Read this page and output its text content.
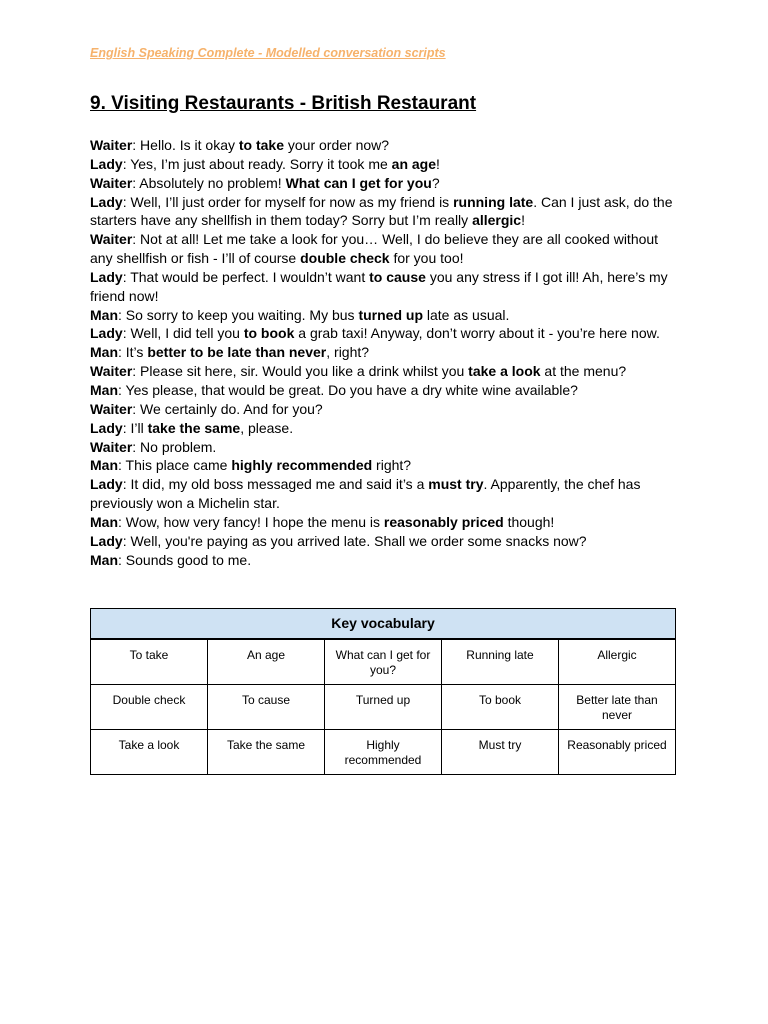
English Speaking Complete - Modelled conversation scripts

9. Visiting Restaurants - British Restaurant

Waiter: Hello. Is it okay to take your order now?

Lady: Yes, I’m just about ready. Sorry it took me an age!

Waiter: Absolutely no problem! What can I get for you?

Lady: Well, I’ll just order for myself for now as my friend is running late. Can I just ask, do the starters have any shellfish in them today? Sorry but I’m really allergic!

Waiter: Not at all! Let me take a look for you… Well, I do believe they are all cooked without any shellfish or fish - I’ll of course double check for you too!

Lady: That would be perfect. I wouldn’t want to cause you any stress if I got ill! Ah, here’s my friend now!

Man: So sorry to keep you waiting. My bus turned up late as usual.

Lady: Well, I did tell you to book a grab taxi! Anyway, don’t worry about it - you’re here now.

Man: It’s better to be late than never, right?

Waiter: Please sit here, sir. Would you like a drink whilst you take a look at the menu?

Man: Yes please, that would be great. Do you have a dry white wine available?

Waiter: We certainly do. And for you?

Lady: I’ll take the same, please.

Waiter: No problem.

Man: This place came highly recommended right?

Lady: It did, my old boss messaged me and said it’s a must try. Apparently, the chef has previously won a Michelin star.

Man: Wow, how very fancy! I hope the menu is reasonably priced though!

Lady: Well, you're paying as you arrived late. Shall we order some snacks now?

Man: Sounds good to me.

Key vocabulary				
To take	An age	What can I get for you?	Running late	Allergic
Double check	To cause	Turned up	To book	Better late than never
Take a look	Take the same	Highly recommended	Must try	Reasonably priced
